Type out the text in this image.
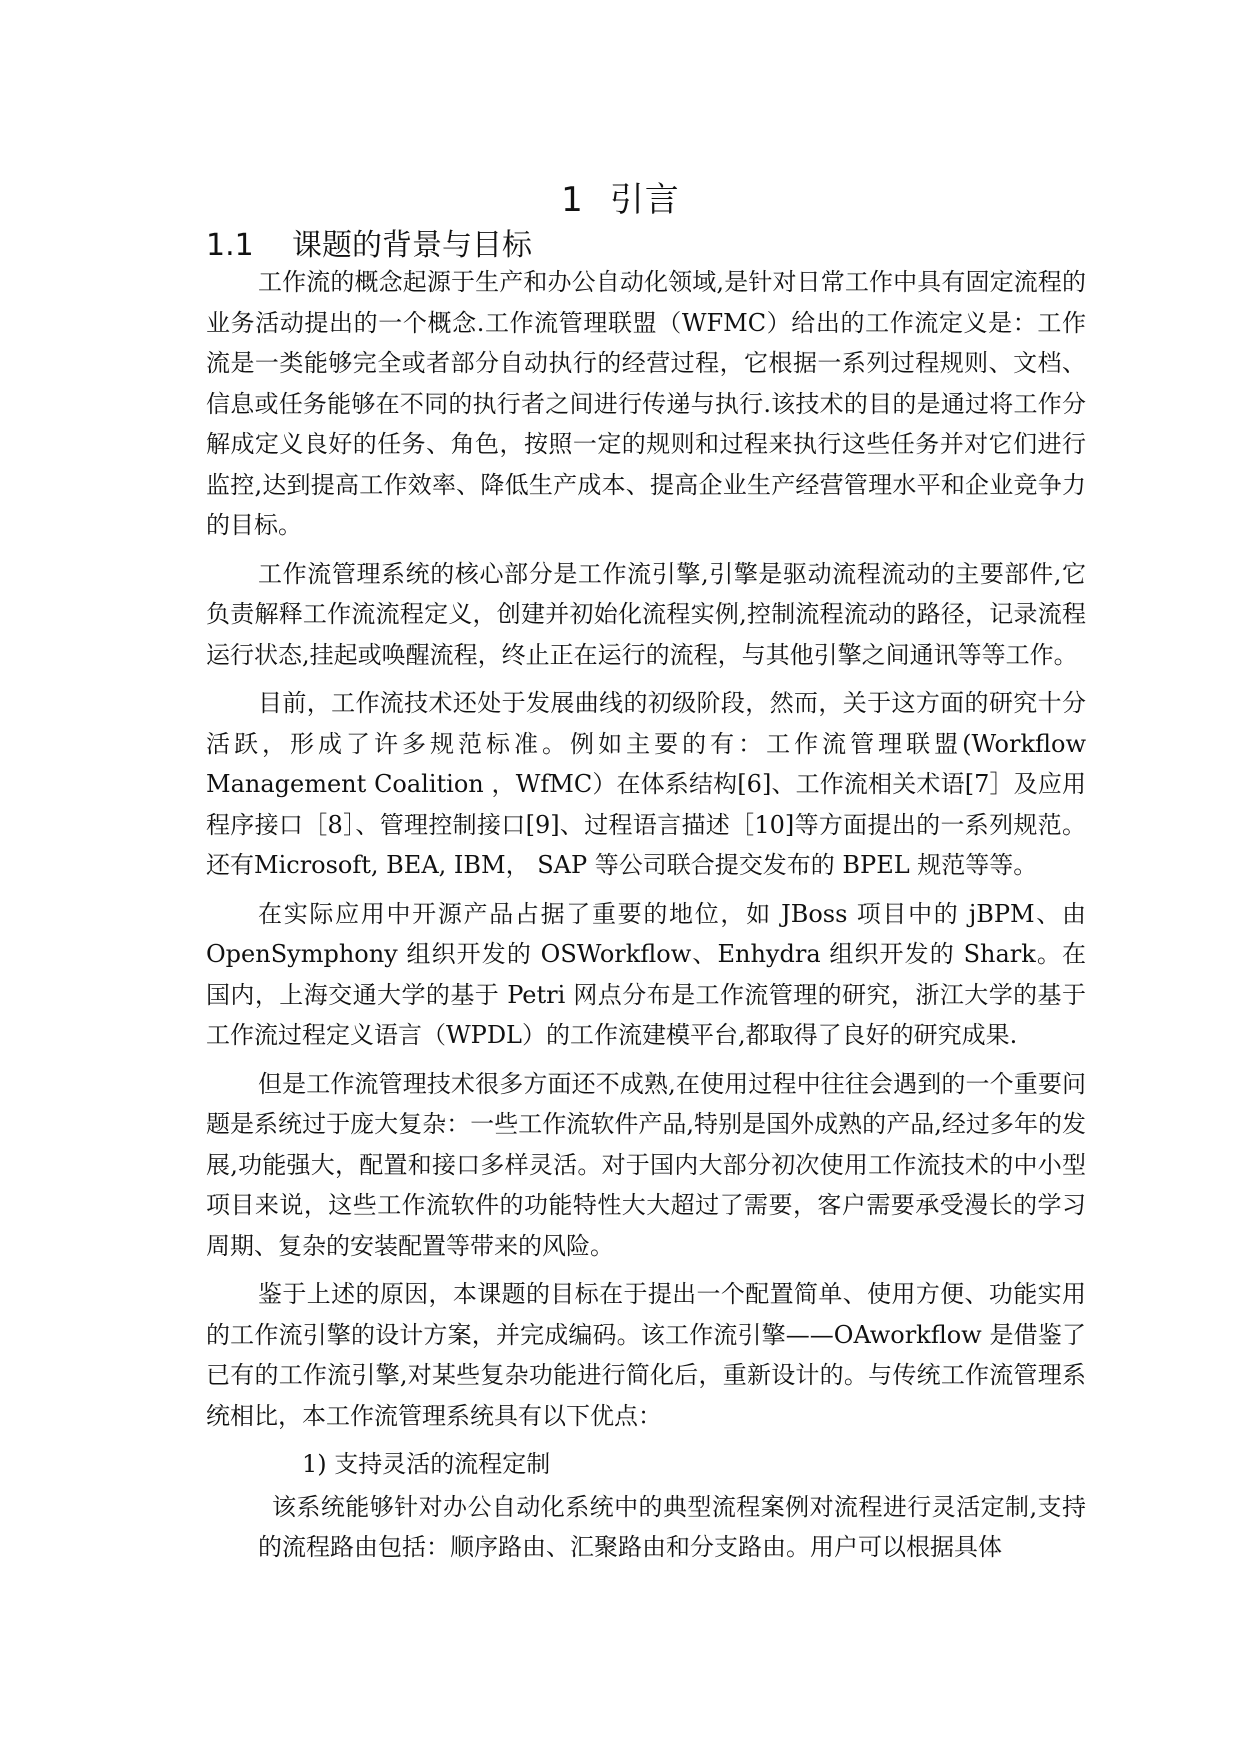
1 引言
1.1 课题的背景与目标

工作流的概念起源于生产和办公自动化领域,是针对日常工作中具有固定流程的业务活动提出的一个概念.工作流管理联盟（WFMC）给出的工作流定义是：工作流是一类能够完全或者部分自动执行的经营过程，它根据一系列过程规则、文档、信息或任务能够在不同的执行者之间进行传递与执行.该技术的目的是通过将工作分解成定义良好的任务、角色，按照一定的规则和过程来执行这些任务并对它们进行监控,达到提高工作效率、降低生产成本、提高企业生产经营管理水平和企业竞争力的目标。

工作流管理系统的核心部分是工作流引擎,引擎是驱动流程流动的主要部件,它负责解释工作流流程定义，创建并初始化流程实例,控制流程流动的路径，记录流程运行状态,挂起或唤醒流程，终止正在运行的流程，与其他引擎之间通讯等等工作。

目前，工作流技术还处于发展曲线的初级阶段，然而，关于这方面的研究十分活跃，形成了许多规范标准。例如主要的有：工作流管理联盟(Workflow Management Coalition ，WfMC）在体系结构[6]、工作流相关术语[7］及应用程序接口［8］、管理控制接口[9]、过程语言描述［10]等方面提出的一系列规范。还有Microsoft, BEA, IBM， SAP 等公司联合提交发布的 BPEL 规范等等。

在实际应用中开源产品占据了重要的地位，如 JBoss 项目中的 jBPM、由OpenSymphony 组织开发的 OSWorkflow、Enhydra 组织开发的 Shark。在国内，上海交通大学的基于 Petri 网点分布是工作流管理的研究，浙江大学的基于工作流过程定义语言（WPDL）的工作流建模平台,都取得了良好的研究成果.

但是工作流管理技术很多方面还不成熟,在使用过程中往往会遇到的一个重要问题是系统过于庞大复杂：一些工作流软件产品,特别是国外成熟的产品,经过多年的发展,功能强大，配置和接口多样灵活。对于国内大部分初次使用工作流技术的中小型项目来说，这些工作流软件的功能特性大大超过了需要，客户需要承受漫长的学习周期、复杂的安装配置等带来的风险。

鉴于上述的原因，本课题的目标在于提出一个配置简单、使用方便、功能实用的工作流引擎的设计方案，并完成编码。该工作流引擎——OAworkflow 是借鉴了已有的工作流引擎,对某些复杂功能进行简化后，重新设计的。与传统工作流管理系统相比，本工作流管理系统具有以下优点：

1) 支持灵活的流程定制

该系统能够针对办公自动化系统中的典型流程案例对流程进行灵活定制,支持的流程路由包括：顺序路由、汇聚路由和分支路由。用户可以根据具体
